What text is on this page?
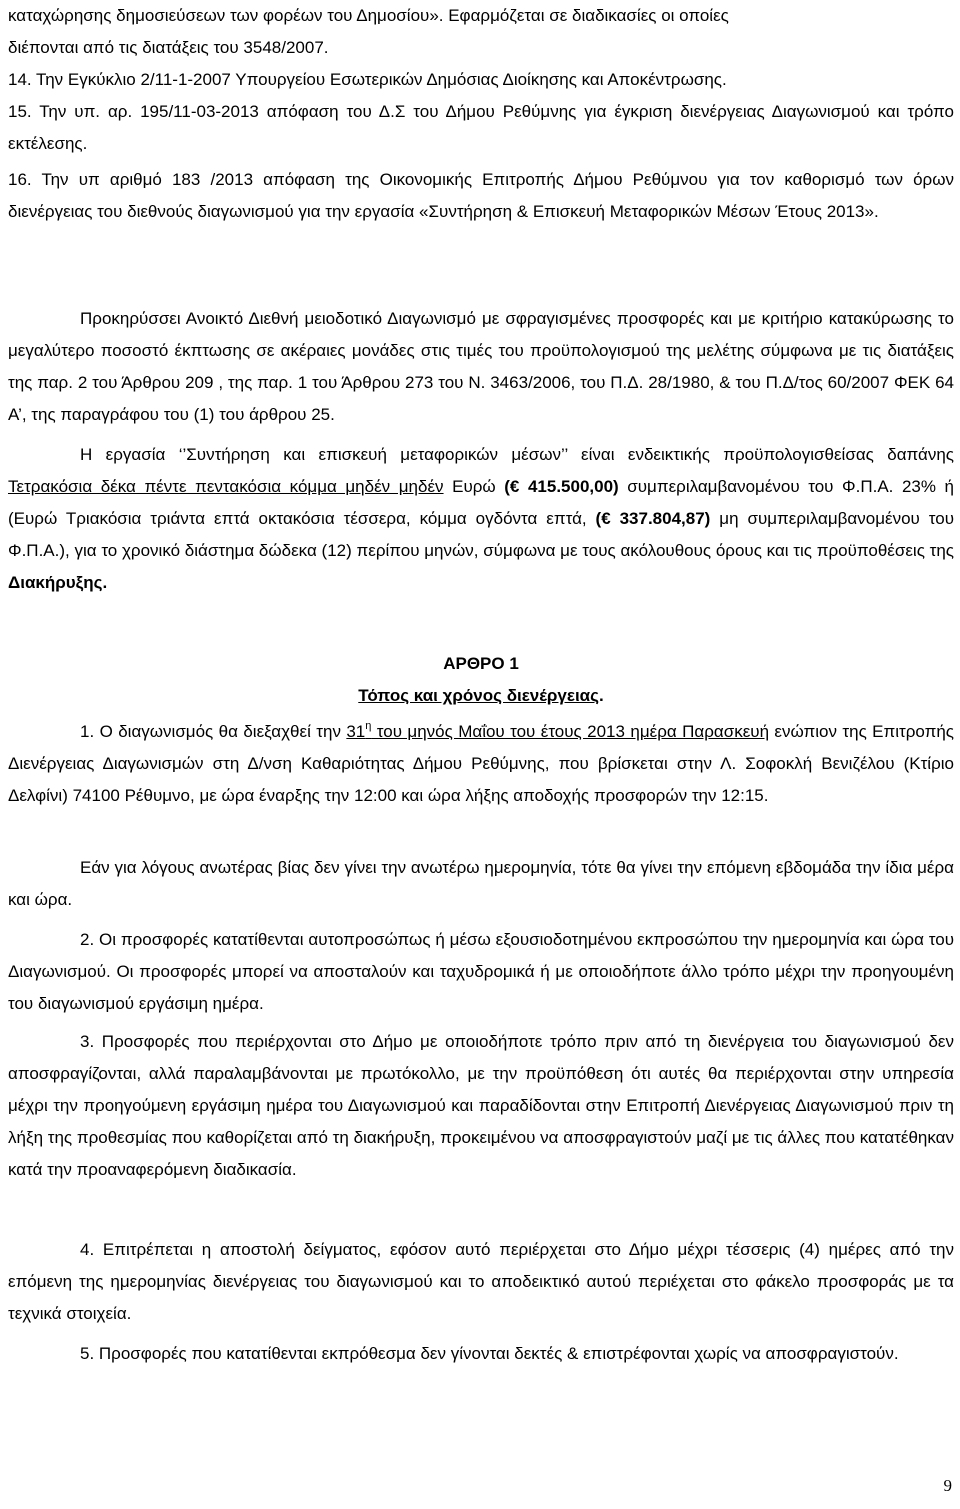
καταχώρησης δημοσιεύσεων των φορέων του Δημοσίου». Εφαρμόζεται σε διαδικασίες οι οποίες
διέπονται από τις διατάξεις του 3548/2007.

14. Την Εγκύκλιο 2/11-1-2007 Υπουργείου Εσωτερικών Δημόσιας Διοίκησης και Αποκέντρωσης.

15. Την υπ. αρ. 195/11-03-2013 απόφαση του Δ.Σ του Δήμου Ρεθύμνης για έγκριση διενέργειας Διαγωνισμού και τρόπο εκτέλεσης.

16. Την υπ αριθμό 183 /2013 απόφαση της Οικονομικής Επιτροπής Δήμου Ρεθύμνου για τον καθορισμό των όρων διενέργειας του διεθνούς διαγωνισμού για την εργασία «Συντήρηση & Επισκευή Μεταφορικών Μέσων Έτους 2013».

Προκηρύσσει Ανοικτό Διεθνή μειοδοτικό Διαγωνισμό με σφραγισμένες προσφορές και με κριτήριο κατακύρωσης το μεγαλύτερο ποσοστό έκπτωσης σε ακέραιες μονάδες στις τιμές του προϋπολογισμού της μελέτης σύμφωνα με τις διατάξεις της παρ. 2 του Άρθρου 209 , της παρ. 1 του Άρθρου 273 του Ν. 3463/2006, του Π.Δ. 28/1980, & του Π.Δ/τος 60/2007 ΦΕΚ 64 Α’, της παραγράφου του (1) του άρθρου 25.

Η εργασία ‘’Συντήρηση και επισκευή μεταφορικών μέσων’’ είναι ενδεικτικής προϋπολογισθείσας δαπάνης Τετρακόσια δέκα πέντε πεντακόσια κόμμα μηδέν μηδέν Ευρώ (€ 415.500,00) συμπεριλαμβανομένου του Φ.Π.Α. 23% ή (Ευρώ Τριακόσια τριάντα επτά οκτακόσια τέσσερα, κόμμα ογδόντα επτά, (€ 337.804,87) μη συμπεριλαμβανομένου του Φ.Π.Α.), για το χρονικό διάστημα δώδεκα (12) περίπου μηνών, σύμφωνα με τους ακόλουθους όρους και τις προϋποθέσεις της Διακήρυξης.

ΑΡΘΡΟ 1

Τόπος και χρόνος διενέργειας.

1. Ο διαγωνισμός θα διεξαχθεί την $31^\eta$ του μηνός Μαΐου του έτους 2013 ημέρα Παρασκευή ενώπιον της Επιτροπής Διενέργειας Διαγωνισμών στη Δ/νση Καθαριότητας Δήμου Ρεθύμνης, που βρίσκεται στην Λ. Σοφοκλή Βενιζέλου (Κτίριο Δελφίνι) 74100 Ρέθυμνο, με ώρα έναρξης την 12:00 και ώρα λήξης αποδοχής προσφορών την 12:15.

Εάν για λόγους ανωτέρας βίας δεν γίνει την ανωτέρω ημερομηνία, τότε θα γίνει την επόμενη εβδομάδα την ίδια μέρα και ώρα.

2. Οι προσφορές κατατίθενται αυτοπροσώπως ή μέσω εξουσιοδοτημένου εκπροσώπου την ημερομηνία και ώρα του Διαγωνισμού. Οι προσφορές μπορεί να αποσταλούν και ταχυδρομικά ή με οποιοδήποτε άλλο τρόπο μέχρι την προηγουμένη του διαγωνισμού εργάσιμη ημέρα.

3. Προσφορές που περιέρχονται στο Δήμο με οποιοδήποτε τρόπο πριν από τη διενέργεια του διαγωνισμού δεν αποσφραγίζονται, αλλά παραλαμβάνονται με πρωτόκολλο, με την προϋπόθεση ότι αυτές θα περιέρχονται στην υπηρεσία μέχρι την προηγούμενη εργάσιμη ημέρα του Διαγωνισμού και παραδίδονται στην Επιτροπή Διενέργειας Διαγωνισμού πριν τη λήξη της προθεσμίας που καθορίζεται από τη διακήρυξη, προκειμένου να αποσφραγιστούν μαζί με τις άλλες που κατατέθηκαν κατά την προαναφερόμενη διαδικασία.

4. Επιτρέπεται η αποστολή δείγματος, εφόσον αυτό περιέρχεται στο Δήμο μέχρι τέσσερις (4) ημέρες από την επόμενη της ημερομηνίας διενέργειας του διαγωνισμού και το αποδεικτικό αυτού περιέχεται στο φάκελο προσφοράς με τα τεχνικά στοιχεία.

5. Προσφορές που κατατίθενται εκπρόθεσμα δεν γίνονται δεκτές & επιστρέφονται χωρίς να αποσφραγιστούν.

9
